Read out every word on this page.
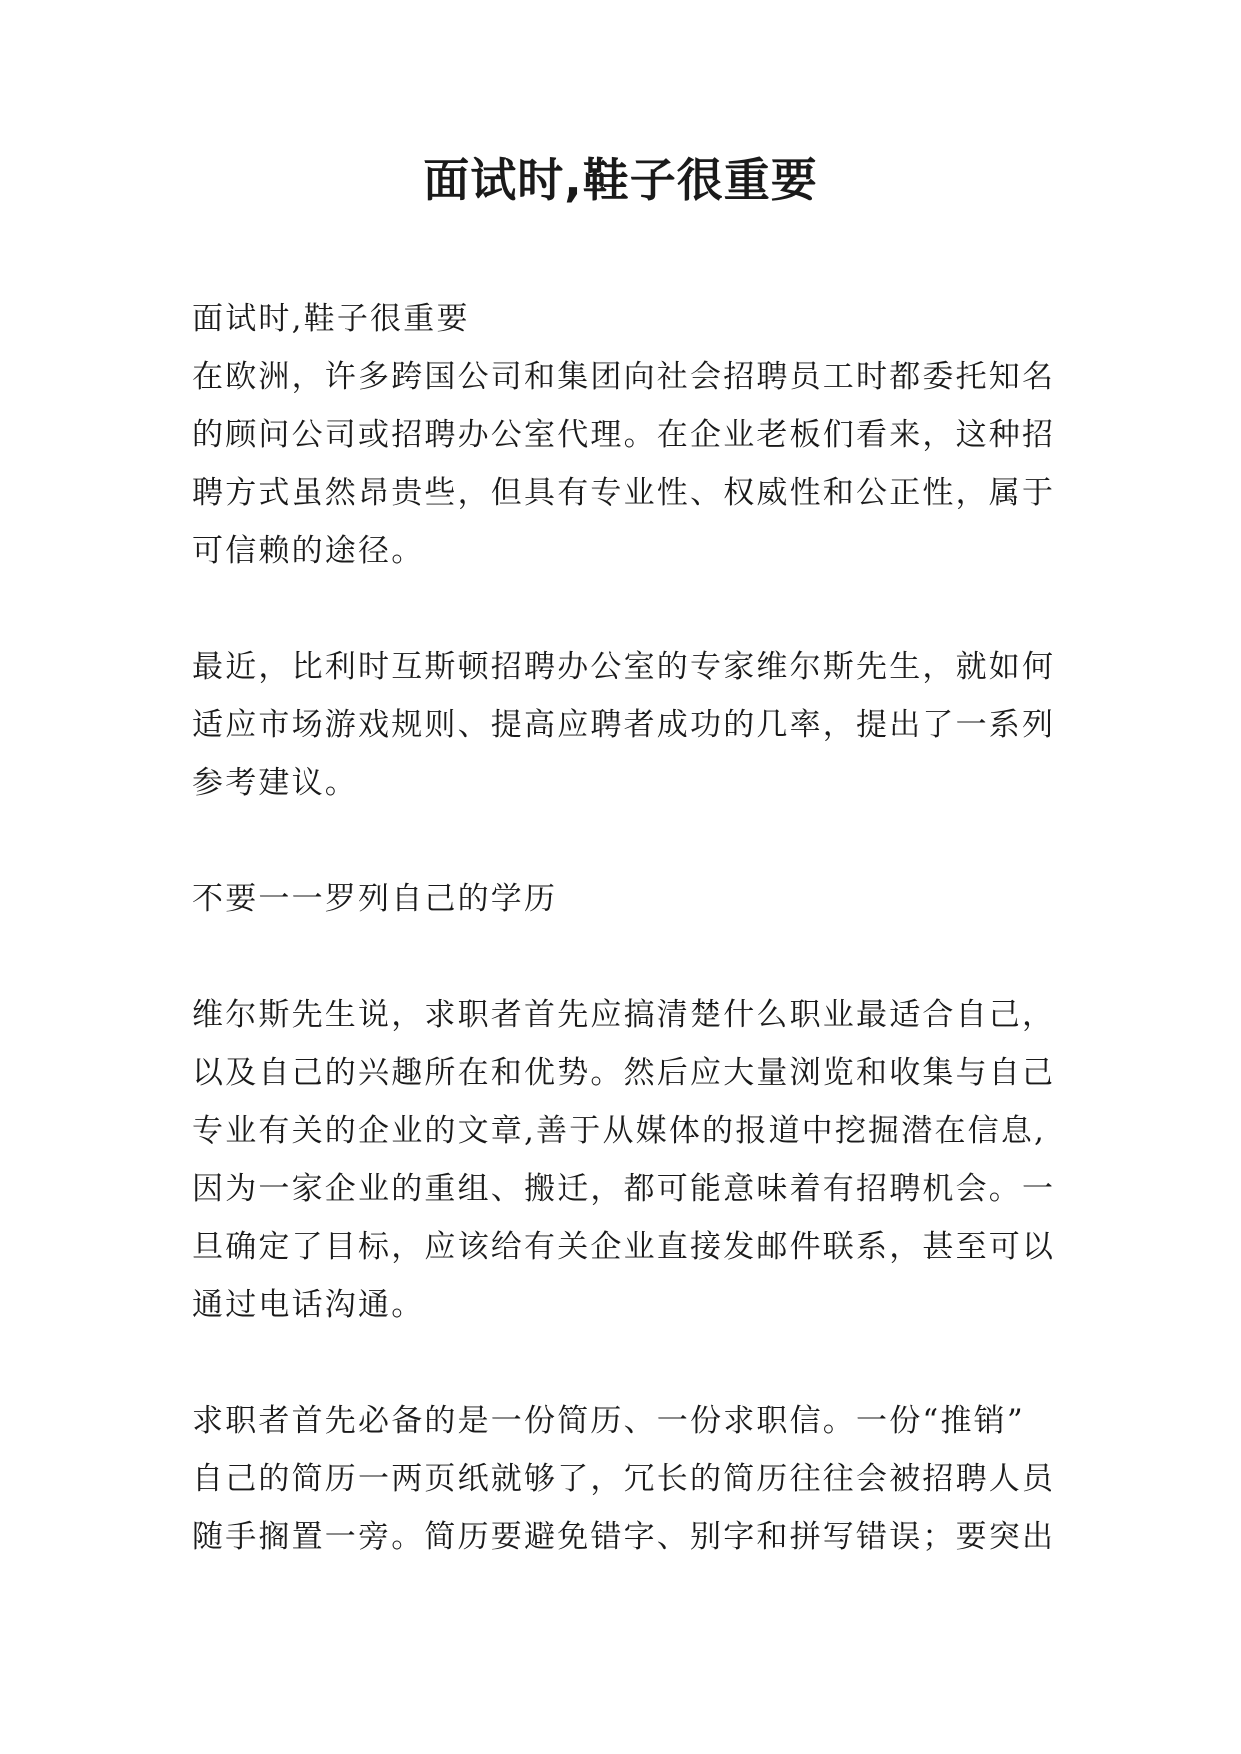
面试时,鞋子很重要
面试时,鞋子很重要
在欧洲，许多跨国公司和集团向社会招聘员工时都委托知名
的顾问公司或招聘办公室代理。在企业老板们看来，这种招
聘方式虽然昂贵些，但具有专业性、权威性和公正性，属于
可信赖的途径。
最近，比利时互斯顿招聘办公室的专家维尔斯先生，就如何
适应市场游戏规则、提高应聘者成功的几率，提出了一系列
参考建议。
不要一一罗列自己的学历
维尔斯先生说，求职者首先应搞清楚什么职业最适合自己，
以及自己的兴趣所在和优势。然后应大量浏览和收集与自己
专业有关的企业的文章,善于从媒体的报道中挖掘潜在信息,
因为一家企业的重组、搬迁，都可能意味着有招聘机会。一
旦确定了目标，应该给有关企业直接发邮件联系，甚至可以
通过电话沟通。
求职者首先必备的是一份简历、一份求职信。一份“推销”
自己的简历一两页纸就够了，冗长的简历往往会被招聘人员
随手搁置一旁。简历要避免错字、别字和拼写错误；要突出
